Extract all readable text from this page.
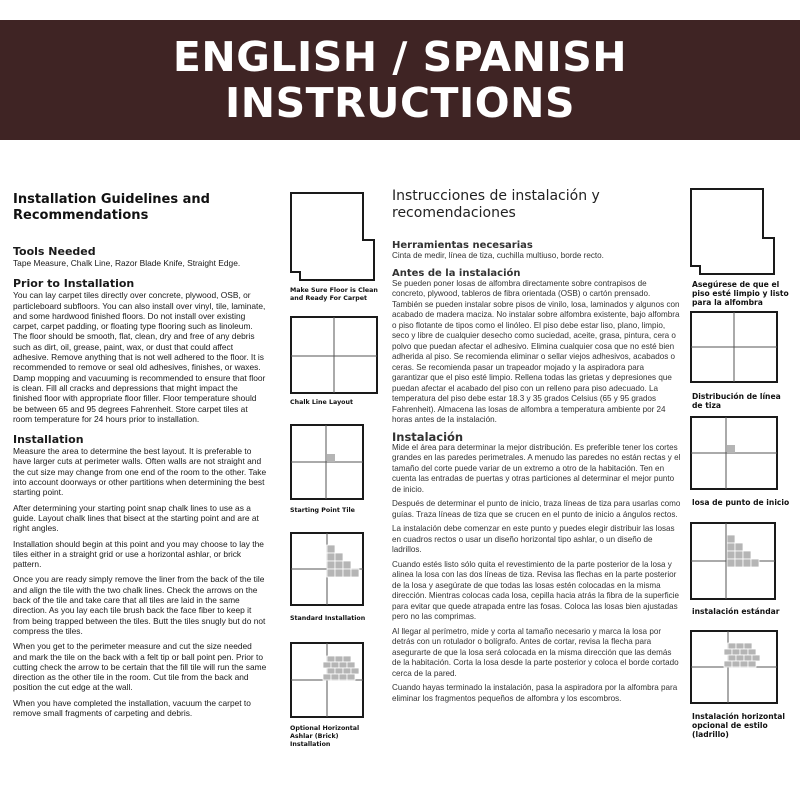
ENGLISH / SPANISH
INSTRUCTIONS
Installation Guidelines and Recommendations
Tools Needed

Tape Measure, Chalk Line, Razor Blade Knife, Straight Edge.

Prior to Installation

You can lay carpet tiles directly over concrete, plywood, OSB, or particleboard subfloors. You can also install over vinyl, tile, laminate, and some hardwood finished floors. Do not install over existing carpet, carpet padding, or floating type flooring such as linoleum. The floor should be smooth, flat, clean, dry and free of any debris such as dirt, oil, grease, paint, wax, or dust that could affect adhesive. Remove anything that is not well adhered to the floor. It is recommended to remove or seal old adhesives, finishes, or waxes. Damp mopping and vacuuming is recommended to ensure that floor is clean. Fill all cracks and depressions that might impact the finished floor with appropriate floor filler. Floor temperature should be between 65 and 95 degrees Fahrenheit. Store carpet tiles at room temperature for 24 hours prior to installation.

Installation

Measure the area to determine the best layout. It is preferable to have larger cuts at perimeter walls. Often walls are not straight and the cut size may change from one end of the room to the other. Take into account doorways or other partitions when determining the best starting point.

After determining your starting point snap chalk lines to use as a guide. Layout chalk lines that bisect at the starting point and are at right angles.

Installation should begin at this point and you may choose to lay the tiles either in a straight grid or use a horizontal ashlar, or brick pattern.

Once you are ready simply remove the liner from the back of the tile and align the tile with the two chalk lines. Check the arrows on the back of the tile and take care that all tiles are laid in the same direction. As you lay each tile brush back the face fiber to keep it from being trapped between the tiles. Butt the tiles snugly but do not compress the tiles.

When you get to the perimeter measure and cut the size needed and mark the tile on the back with a felt tip or ball point pen. Prior to cutting check the arrow to be certain that the fill tile will run the same direction as the other tile in the room. Cut tile from the back and position the cut edge at the wall.

When you have completed the installation, vacuum the carpet to remove small fragments of carpeting and debris.

Instrucciones de instalación y recomendaciones
Herramientas necesarias

Cinta de medir, línea de tiza, cuchilla multiuso, borde recto.

Antes de la instalación

Se pueden poner losas de alfombra directamente sobre contrapisos de concreto, plywood, tableros de fibra orientada (OSB) o cartón prensado. También se pueden instalar sobre pisos de vinilo, losa, laminados y algunos con acabado de madera maciza. No instalar sobre alfombra existente, bajo alfombra o piso flotante de tipos como el linóleo. El piso debe estar liso, plano, limpio, seco y libre de cualquier desecho como suciedad, aceite, grasa, pintura, cera o polvo que puedan afectar el adhesivo. Elimina cualquier cosa que no esté bien adherida al piso. Se recomienda eliminar o sellar viejos adhesivos, acabados o ceras. Se recomienda pasar un trapeador mojado y la aspiradora para garantizar que el piso esté limpio. Rellena todas las grietas y depresiones que puedan afectar el acabado del piso con un relleno para piso adecuado. La temperatura del piso debe estar 18.3 y 35 grados Celsius (65 y 95 grados Fahrenheit). Almacena las losas de alfombra a temperatura ambiente por 24 horas antes de la instalación.

Instalación

Mide el área para determinar la mejor distribución. Es preferible tener los cortes grandes en las paredes perimetrales. A menudo las paredes no están rectas y el tamaño del corte puede variar de un extremo a otro de la habitación. Ten en cuenta las entradas de puertas y otras particiones al determinar el mejor punto de inicio.

Después de determinar el punto de inicio, traza líneas de tiza para usarlas como guías. Traza líneas de tiza que se crucen en el punto de inicio a ángulos rectos.

La instalación debe comenzar en este punto y puedes elegir distribuir las losas en cuadros rectos o usar un diseño horizontal tipo ashlar, o un diseño de ladrillos.

Cuando estés listo sólo quita el revestimiento de la parte posterior de la losa y alinea la losa con las dos líneas de tiza. Revisa las flechas en la parte posterior de la losa y asegúrate de que todas las losas estén colocadas en la misma dirección. Mientras colocas cada losa, cepilla hacia atrás la fibra de la superficie para evitar que quede atrapada entre las fosas. Coloca las losas bien ajustadas pero no las comprimas.

Al llegar al perímetro, mide y corta al tamaño necesario y marca la losa por detrás con un rotulador o bolígrafo. Antes de cortar, revisa la flecha para asegurarte de que la losa será colocada en la misma dirección que las demás de la habitación. Corta la losa desde la parte posterior y coloca el borde cortado cerca de la pared.

Cuando hayas terminado la instalación, pasa la aspiradora por la alfombra para eliminar los fragmentos pequeños de alfombra y los escombros.

Make Sure Floor is Clean and Ready For Carpet
Chalk Line Layout
Starting Point Tile
Standard Installation
Optional Horizontal Ashlar (Brick) Installation
Asegúrese de que el piso esté limpio y listo para la alfombra
Distribución de línea de tiza
losa de punto de inicio
instalación estándar
Instalación horizontal opcional de estilo (ladrillo)
